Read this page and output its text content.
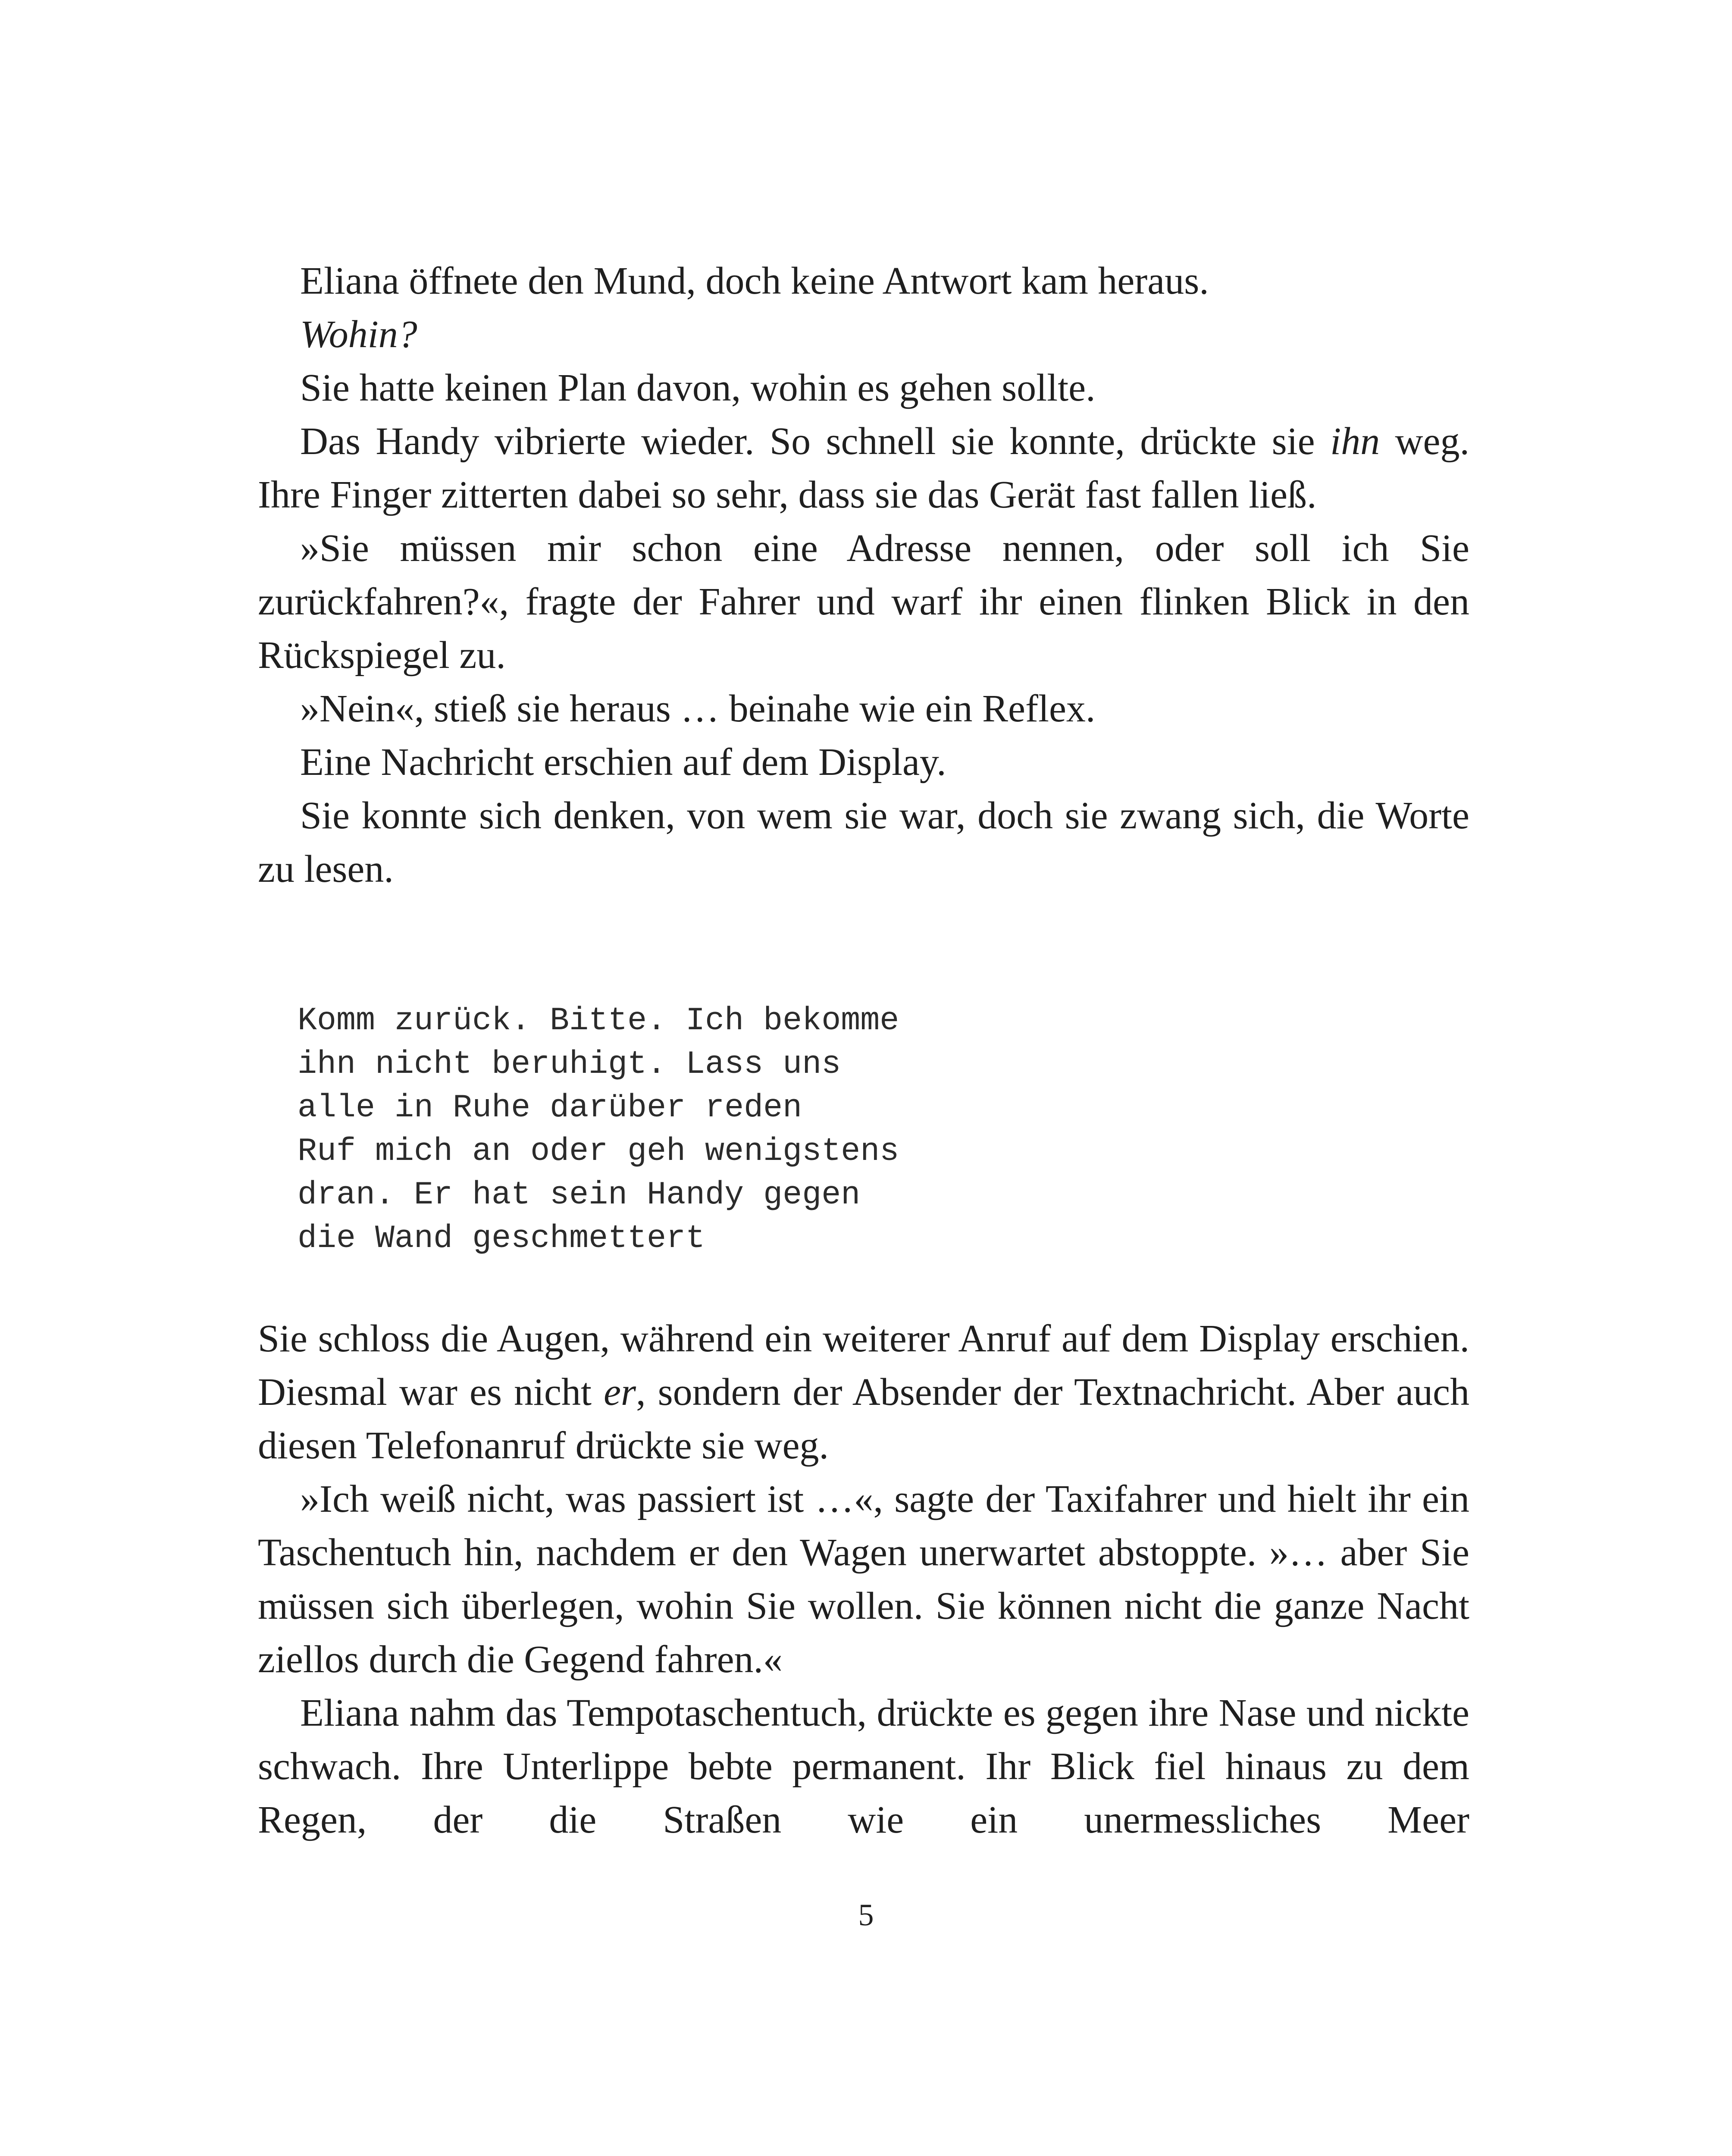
Eliana öffnete den Mund, doch keine Antwort kam heraus.

Wohin?

Sie hatte keinen Plan davon, wohin es gehen sollte.

Das Handy vibrierte wieder. So schnell sie konnte, drückte sie ihn weg. Ihre Finger zitterten dabei so sehr, dass sie das Gerät fast fallen ließ.

»Sie müssen mir schon eine Adresse nennen, oder soll ich Sie zurückfahren?«, fragte der Fahrer und warf ihr einen flinken Blick in den Rückspiegel zu.

»Nein«, stieß sie heraus … beinahe wie ein Reflex.

Eine Nachricht erschien auf dem Display.

Sie konnte sich denken, von wem sie war, doch sie zwang sich, die Worte zu lesen.

Komm zurück. Bitte. Ich bekomme
ihn nicht beruhigt. Lass uns
alle in Ruhe darüber reden
Ruf mich an oder geh wenigstens
dran. Er hat sein Handy gegen
die Wand geschmettert

Sie schloss die Augen, während ein weiterer Anruf auf dem Display erschien. Diesmal war es nicht er, sondern der Absender der Textnachricht. Aber auch diesen Telefonanruf drückte sie weg.

»Ich weiß nicht, was passiert ist …«, sagte der Taxifahrer und hielt ihr ein Taschentuch hin, nachdem er den Wagen unerwartet abstoppte. »… aber Sie müssen sich überlegen, wohin Sie wollen. Sie können nicht die ganze Nacht ziellos durch die Gegend fahren.«

Eliana nahm das Tempotaschentuch, drückte es gegen ihre Nase und nickte schwach. Ihre Unterlippe bebte permanent. Ihr Blick fiel hinaus zu dem Regen, der die Straßen wie ein unermessliches Meer

5
